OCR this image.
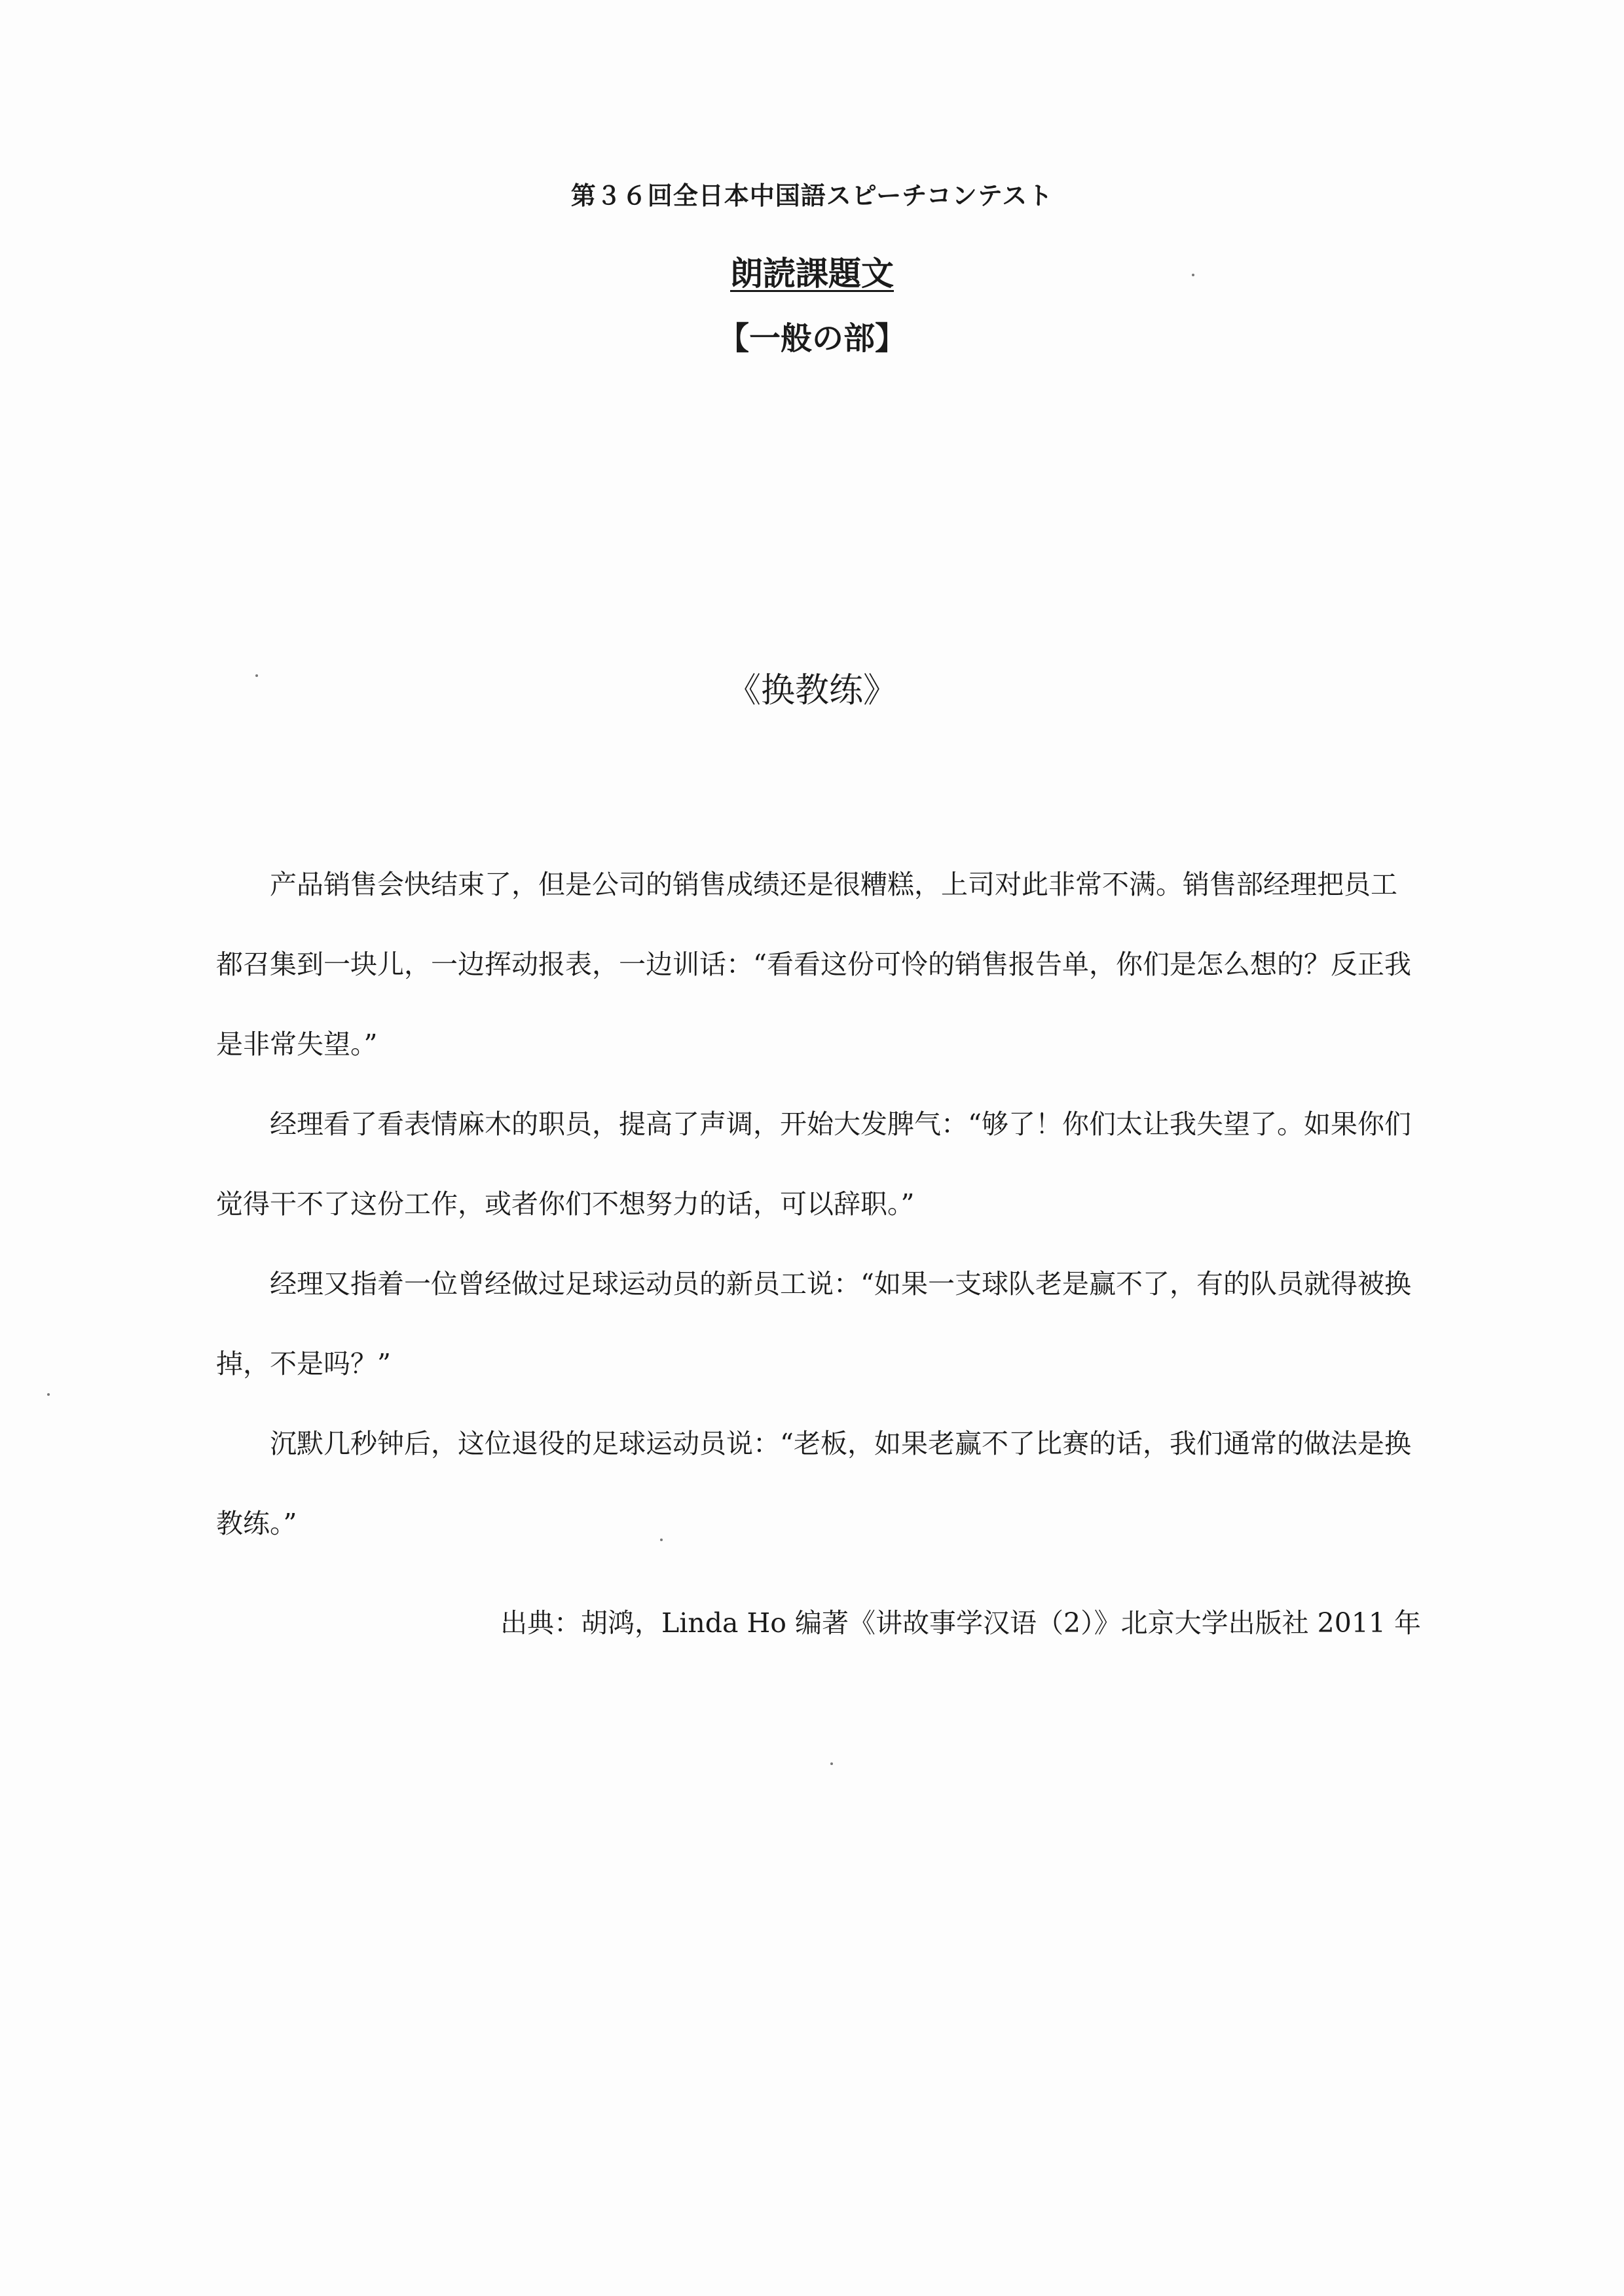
第３６回全日本中国語スピーチコンテスト
朗読課題文
【一般の部】
《换教练》

产品销售会快结束了，但是公司的销售成绩还是很糟糕，上司对此非常不满。销售部经理把员工都召集到一块儿，一边挥动报表，一边训话：“看看这份可怜的销售报告单，你们是怎么想的？反正我是非常失望。”

经理看了看表情麻木的职员，提高了声调，开始大发脾气：“够了！你们太让我失望了。如果你们觉得干不了这份工作，或者你们不想努力的话，可以辞职。”

经理又指着一位曾经做过足球运动员的新员工说：“如果一支球队老是赢不了，有的队员就得被换掉，不是吗？”

沉默几秒钟后，这位退役的足球运动员说：“老板，如果老赢不了比赛的话，我们通常的做法是换教练。”

出典：胡鸿，Linda Ho 编著《讲故事学汉语（2）》北京大学出版社 2011 年
